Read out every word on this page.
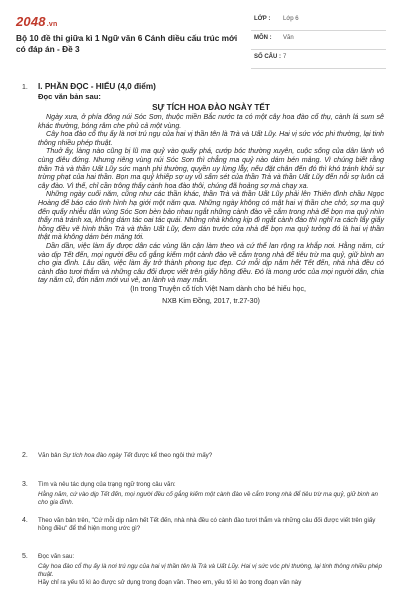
2048.vn
Bộ 10 đề thi giữa kì 1 Ngữ văn 6 Cánh diều cấu trúc mới có đáp án - Đề 3
LỚP : Lớp 6
MÔN : Văn
SỐ CÂU : 7
1. I. PHẦN ĐỌC - HIỂU (4,0 điểm)
Đọc văn bản sau:
SỰ TÍCH HOA ĐÀO NGÀY TẾT
Ngày xưa, ở phía đông núi Sóc Sơn, thuộc miền Bắc nước ta có một cây hoa đào cổ thụ, cành lá sum sê khác thường, bóng râm che phủ cả một vùng.
Cây hoa đào cổ thụ ấy là nơi trú ngụ của hai vị thần tên là Trà và Uất Lũy. Hai vị sức vóc phi thường, lại tinh thông nhiều phép thuật.
Thuở ấy, làng nào cũng bị lũ ma quỷ vào quấy phá, cướp bóc thường xuyên, cuộc sống của dân lành vô cùng điêu đứng. Nhưng riêng vùng núi Sóc Sơn thì chẳng ma quỷ nào dám bén mảng. Vì chúng biết rằng thần Trà và thần Uất Lũy sức mạnh phi thường, quyền uy lừng lẫy, nếu đặt chân đến đó thì khó tránh khỏi sự trừng phạt của hai thần. Bọn ma quỷ khiếp sợ uy vũ sấm sét của thần Trà và thần Uất Lũy đến nỗi sợ luôn cả cây đào. Vì thế, chỉ cần trông thấy cành hoa đào thôi, chúng đã hoảng sợ mà chạy xa.
Những ngày cuối năm, cũng như các thần khác, thần Trà và thần Uất Lũy phải lên Thiên đình chầu Ngọc Hoàng để báo cáo tình hình hạ giới một năm qua. Những ngày không có mặt hai vị thần che chở, sợ ma quỷ đến quấy nhiễu dân vùng Sóc Sơn bèn bảo nhau ngắt những cành đào về cắm trong nhà để bọn ma quỷ nhìn thấy mà tránh xa, không dám tác oai tác quái. Những nhà không kịp đi ngắt cành đào thì nghĩ ra cách lấy giấy hồng điều vẽ hình thần Trà và thần Uất Lũy, đem dán trước cửa nhà để bọn ma quỷ tưởng đó là hai vị thần thật mà không dám bén mảng tới.
Dần dần, việc làm ấy được dân các vùng lân cận làm theo và cứ thế lan rộng ra khắp nơi. Hằng năm, cứ vào dịp Tết đến, mọi người đều cố gắng kiếm một cành đào về cắm trong nhà để tiêu trừ ma quỷ, giữ bình an cho gia đình. Lâu dần, việc làm ấy trở thành phong tục đẹp. Cứ mỗi dịp năm hết Tết đến, nhà nhà đều có cành đào tươi thắm và những câu đối được viết trên giấy hồng điều. Đó là mong ước của mọi người dân, chia tay năm cũ, đón năm mới vui vẻ, an lành và may mắn.
(In trong Truyện cổ tích Việt Nam dành cho bé hiếu học,
NXB Kim Đồng, 2017, tr.27-30)
2. Văn bản Sự tích hoa đào ngày Tết được kể theo ngôi thứ mấy?
3. Tìm và nêu tác dụng của trạng ngữ trong câu văn:
Hằng năm, cứ vào dịp Tết đến, mọi người đều cố gắng kiếm một cành đào về cắm trong nhà để tiêu trừ ma quỷ, giữ bình an cho gia đình.
4. Theo văn bản trên, "Cứ mỗi dịp năm hết Tết đến, nhà nhà đều có cành đào tươi thắm và những câu đối được viết trên giấy hồng điều" để thể hiện mong ước gì?
5. Đọc văn sau:
Cây hoa đào cổ thụ ấy là nơi trú ngụ của hai vị thần tên là Trà và Uất Lũy. Hai vị sức vóc phi thường, lại tinh thông nhiều phép thuật.
Hãy chỉ ra yếu tố kì ảo được sử dụng trong đoạn văn. Theo em, yếu tố kì ảo trong đoạn văn này
